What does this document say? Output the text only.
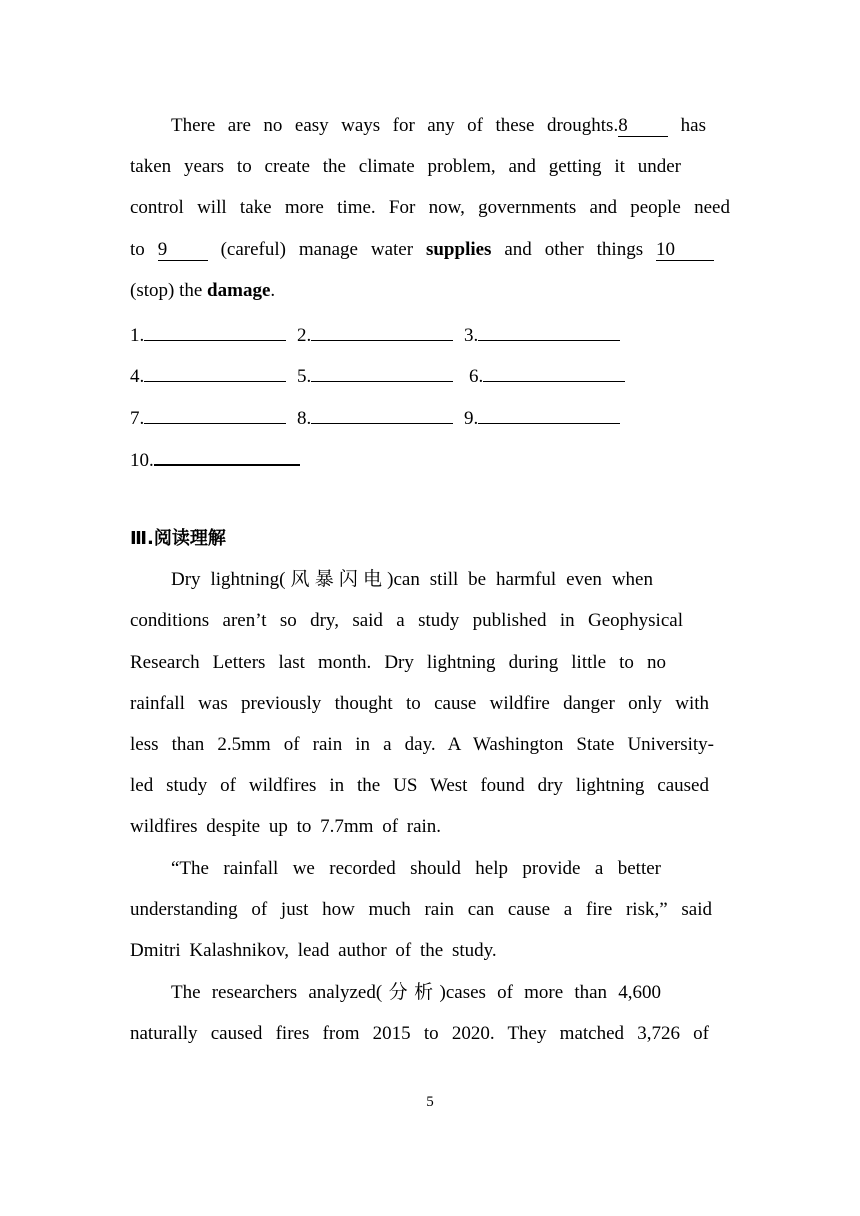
There are no easy ways for any of these droughts.8	has
taken years to create the climate problem, and getting it under
control will take more time. For now, governments and people need
to 9	(careful) manage water supplies and other things 10
(stop) the damage.
1.	2.	3.
4.	5.	6.
7.	8.	9.
10.
Ⅲ.阅读理解
Dry lightning(风暴闪电)can still be harmful even when
conditions aren’t so dry, said a study published in Geophysical
Research Letters last month. Dry lightning during little to no
rainfall was previously thought to cause wildfire danger only with
less than 2.5mm of rain in a day. A Washington State University-
led study of wildfires in the US West found dry lightning caused
wildfires despite up to 7.7mm of rain.
“The rainfall we recorded should help provide a better
understanding of just how much rain can cause a fire risk,” said
Dmitri Kalashnikov, lead author of the study.
The researchers analyzed(分析)cases of more than 4,600
naturally caused fires from 2015 to 2020. They matched 3,726 of
5
